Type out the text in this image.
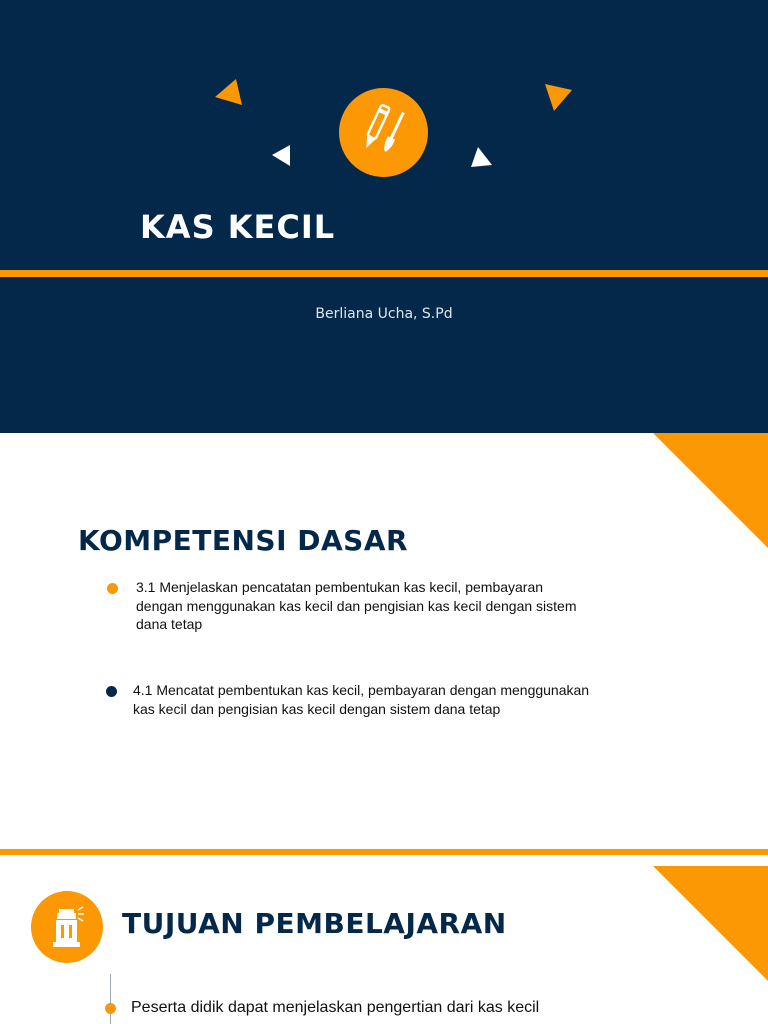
KAS KECIL
Berliana Ucha, S.Pd
KOMPETENSI DASAR
3.1 Menjelaskan pencatatan pembentukan kas kecil, pembayaran
dengan menggunakan kas kecil dan pengisian kas kecil dengan sistem
dana tetap
4.1 Mencatat pembentukan kas kecil, pembayaran dengan menggunakan
kas kecil dan pengisian kas kecil dengan sistem dana tetap
TUJUAN PEMBELAJARAN
Peserta didik dapat menjelaskan pengertian dari kas kecil
